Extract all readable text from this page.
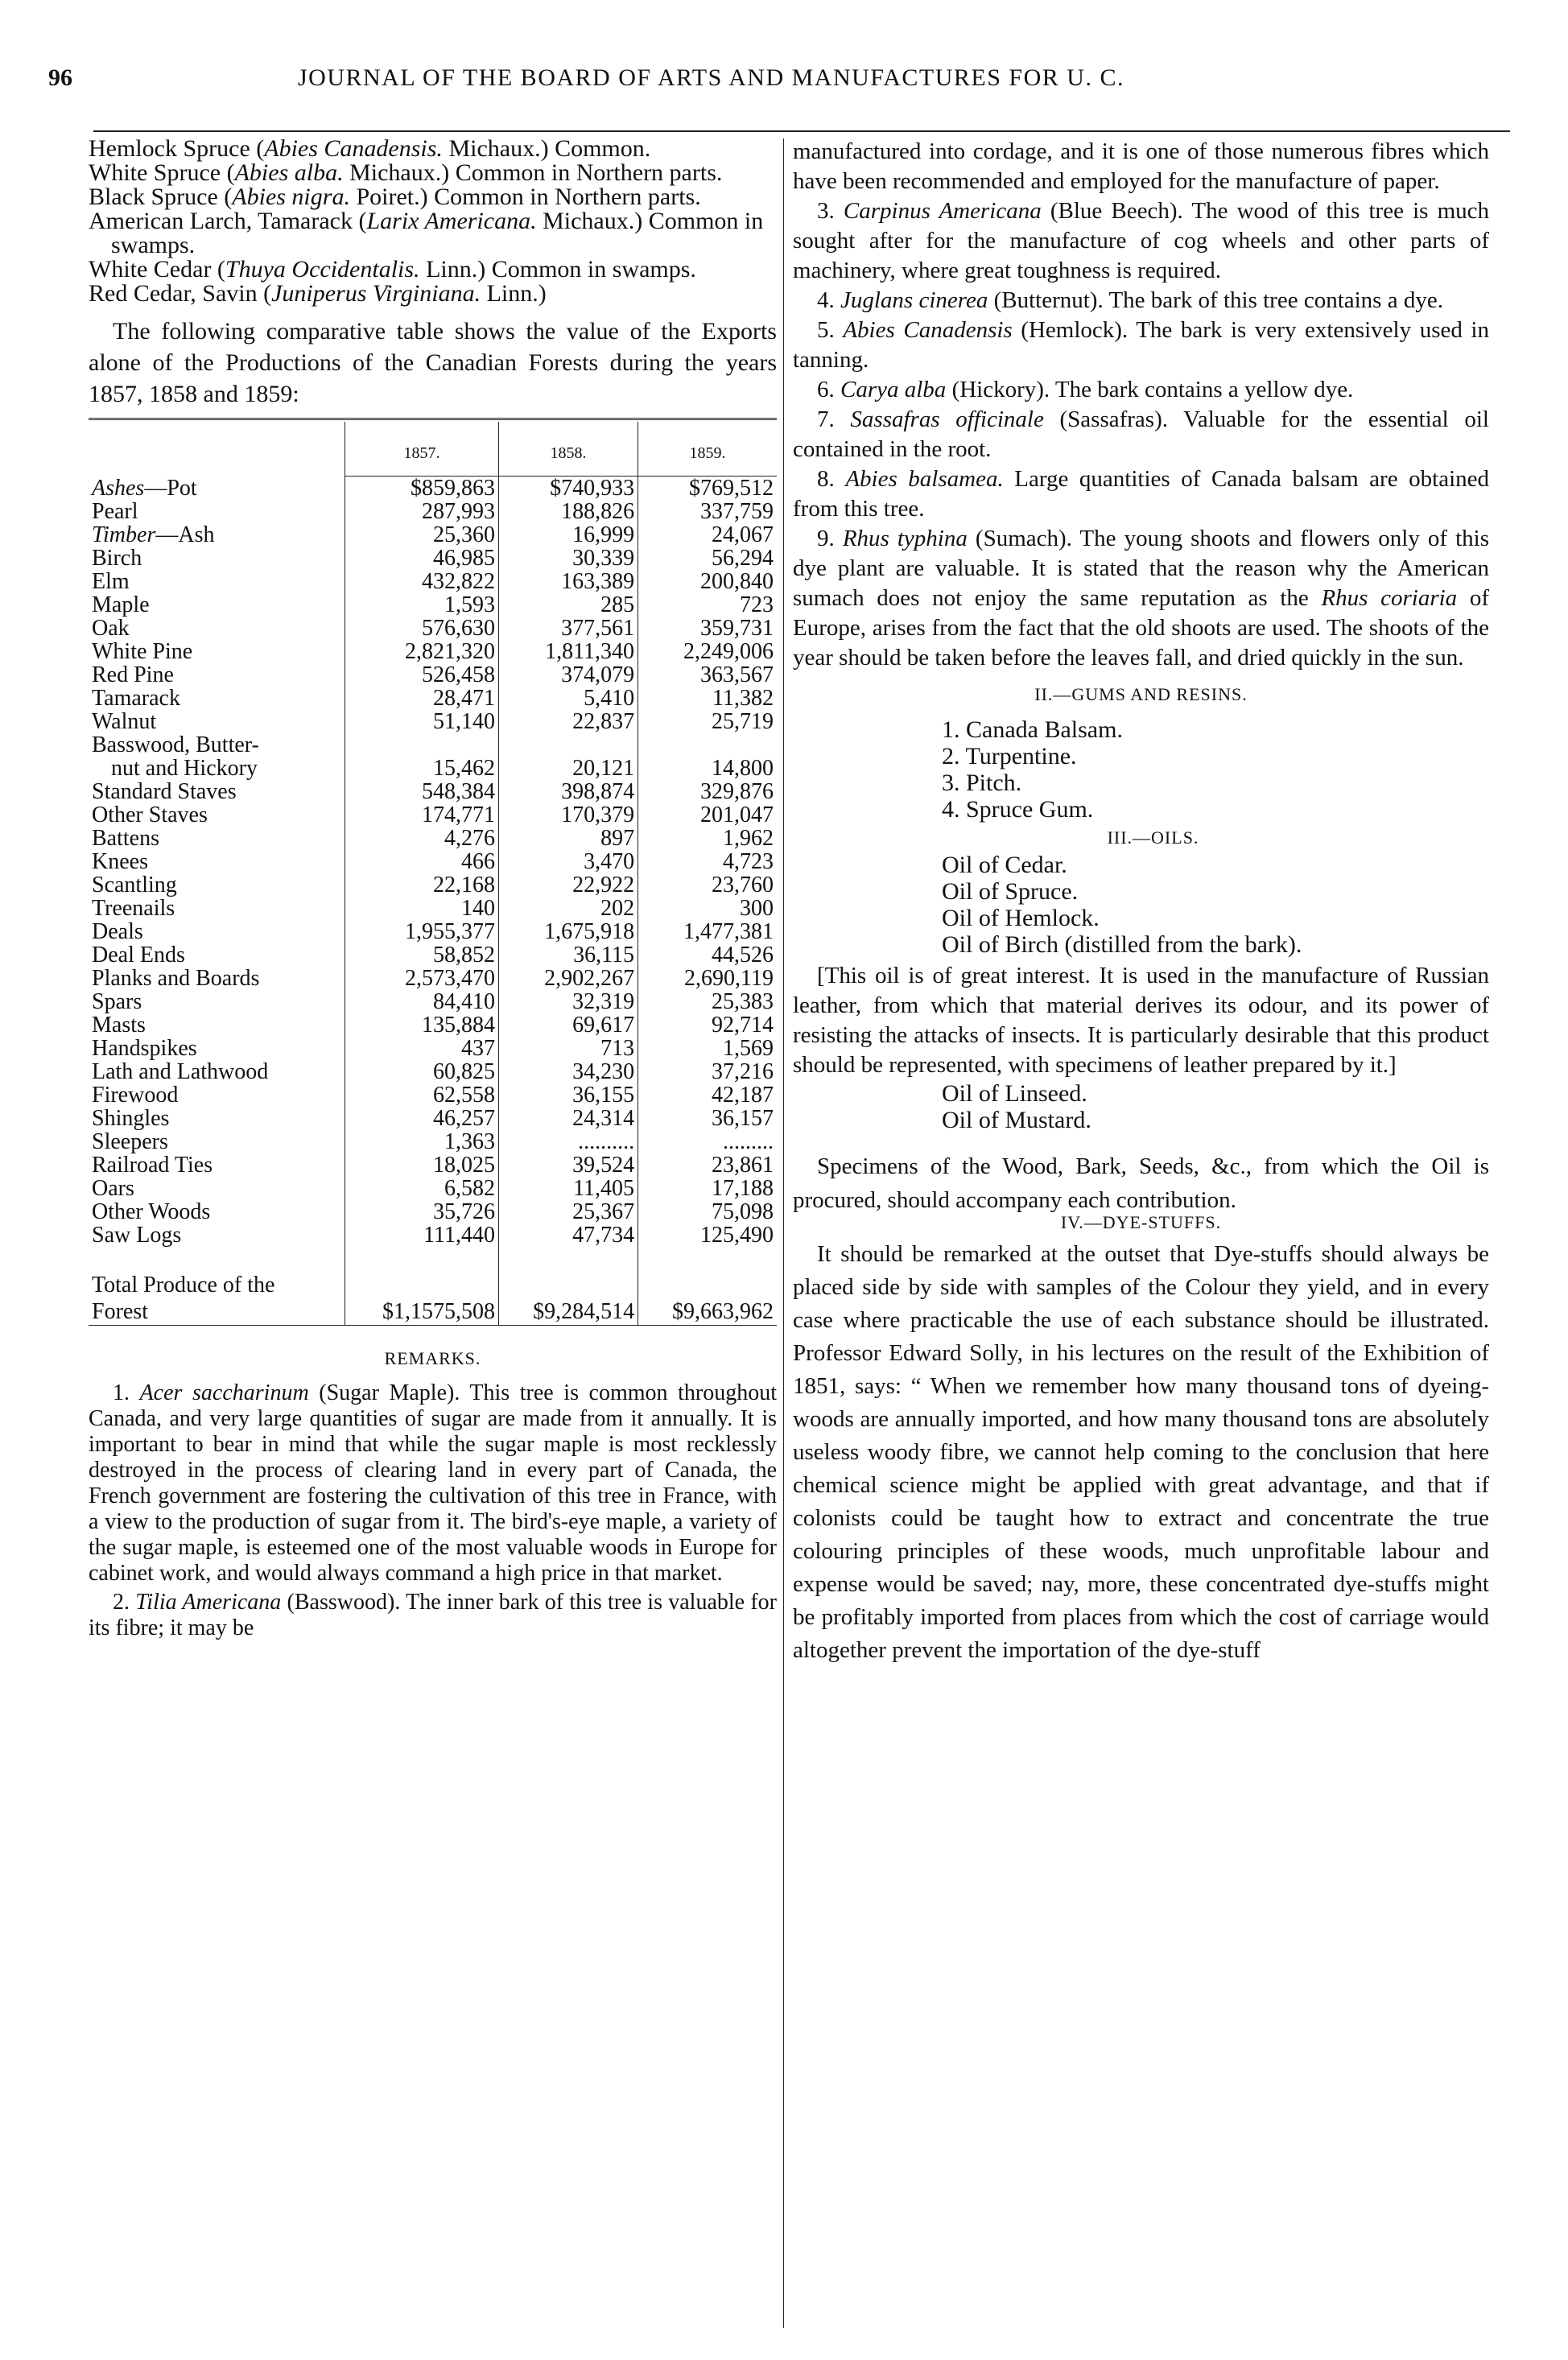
96	JOURNAL OF THE BOARD OF ARTS AND MANUFACTURES FOR U. C.
Hemlock Spruce (Abies Canadensis. Michaux.) Common.
White Spruce (Abies alba. Michaux.) Common in Northern parts.
Black Spruce (Abies nigra. Poiret.) Common in Northern parts.
American Larch, Tamarack (Larix Americana. Michaux.) Common in swamps.
White Cedar (Thuya Occidentalis. Linn.) Common in swamps.
Red Cedar, Savin (Juniperus Virginiana. Linn.)

The following comparative table shows the value of the Exports alone of the Productions of the Canadian Forests during the years 1857, 1858 and 1859:

	1857.	1858.	1859.
Ashes—Pot	$859,863	$740,933	$769,512
Pearl	287,993	188,826	337,759
Timber—Ash	25,360	16,999	24,067
Birch	46,985	30,339	56,294
Elm	432,822	163,389	200,840
Maple	1,593	285	723
Oak	576,630	377,561	359,731
White Pine	2,821,320	1,811,340	2,249,006
Red Pine	526,458	374,079	363,567
Tamarack	28,471	5,410	11,382
Walnut	51,140	22,837	25,719
Basswood, Butter-			
nut and Hickory	15,462	20,121	14,800
Standard Staves	548,384	398,874	329,876
Other Staves	174,771	170,379	201,047
Battens	4,276	897	1,962
Knees	466	3,470	4,723
Scantling	22,168	22,922	23,760
Treenails	140	202	300
Deals	1,955,377	1,675,918	1,477,381
Deal Ends	58,852	36,115	44,526
Planks and Boards	2,573,470	2,902,267	2,690,119
Spars	84,410	32,319	25,383
Masts	135,884	69,617	92,714
Handspikes	437	713	1,569
Lath and Lathwood	60,825	34,230	37,216
Firewood	62,558	36,155	42,187
Shingles	46,257	24,314	36,157
Sleepers	1,363	..........	.........
Railroad Ties	18,025	39,524	23,861
Oars	6,582	11,405	17,188
Other Woods	35,726	25,367	75,098
Saw Logs	111,440	47,734	125,490

Total Produce of the
Forest	$1,1575,508	$9,284,514	$9,663,962

REMARKS.

1. Acer saccharinum (Sugar Maple). This tree is common throughout Canada, and very large quantities of sugar are made from it annually. It is important to bear in mind that while the sugar maple is most recklessly destroyed in the process of clearing land in every part of Canada, the French government are fostering the cultivation of this tree in France, with a view to the production of sugar from it. The bird's-eye maple, a variety of the sugar maple, is esteemed one of the most valuable woods in Europe for cabinet work, and would always command a high price in that market.

2. Tilia Americana (Basswood). The inner bark of this tree is valuable for its fibre; it may be

manufactured into cordage, and it is one of those numerous fibres which have been recommended and employed for the manufacture of paper.

3. Carpinus Americana (Blue Beech). The wood of this tree is much sought after for the manufacture of cog wheels and other parts of machinery, where great toughness is required.

4. Juglans cinerea (Butternut). The bark of this tree contains a dye.

5. Abies Canadensis (Hemlock). The bark is very extensively used in tanning.

6. Carya alba (Hickory). The bark contains a yellow dye.

7. Sassafras officinale (Sassafras). Valuable for the essential oil contained in the root.

8. Abies balsamea. Large quantities of Canada balsam are obtained from this tree.

9. Rhus typhina (Sumach). The young shoots and flowers only of this dye plant are valuable. It is stated that the reason why the American sumach does not enjoy the same reputation as the Rhus coriaria of Europe, arises from the fact that the old shoots are used. The shoots of the year should be taken before the leaves fall, and dried quickly in the sun.

II.—GUMS AND RESINS.
1. Canada Balsam.
2. Turpentine.
3. Pitch.
4. Spruce Gum.
III.—OILS.
Oil of Cedar.
Oil of Spruce.
Oil of Hemlock.
Oil of Birch (distilled from the bark).

[This oil is of great interest. It is used in the manufacture of Russian leather, from which that material derives its odour, and its power of resisting the attacks of insects. It is particularly desirable that this product should be represented, with specimens of leather prepared by it.]

Oil of Linseed.
Oil of Mustard.

Specimens of the Wood, Bark, Seeds, &c., from which the Oil is procured, should accompany each contribution.

IV.—DYE-STUFFS.

It should be remarked at the outset that Dye-stuffs should always be placed side by side with samples of the Colour they yield, and in every case where practicable the use of each substance should be illustrated. Professor Edward Solly, in his lectures on the result of the Exhibition of 1851, says: “ When we remember how many thousand tons of dyeing-woods are annually imported, and how many thousand tons are absolutely useless woody fibre, we cannot help coming to the conclusion that here chemical science might be applied with great advantage, and that if colonists could be taught how to extract and concentrate the true colouring principles of these woods, much unprofitable labour and expense would be saved; nay, more, these concentrated dye-stuffs might be profitably imported from places from which the cost of carriage would altogether prevent the importation of the dye-stuff
